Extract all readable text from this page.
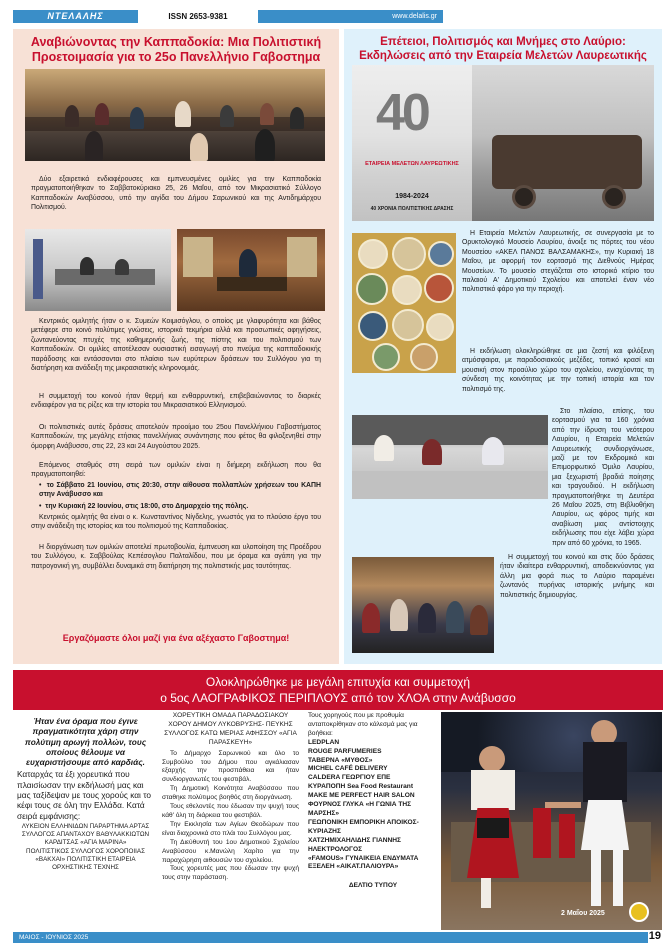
ΝΤΕΛΑΛΗΣ	ISSN 2653-9381	www.delalis.gr
Αναβιώνοντας την Καππαδοκία: Μια Πολιτιστική Προετοιμασία για το 25ο Πανελλήνιο Γαβοστημα
Δύο εξαιρετικά ενδιαφέρουσες και εμπνευσμένες ομιλίες για την Καππαδοκία πραγματοποιήθηκαν το Σαββατοκύριακο 25, 26 Μαΐου, από τον Μικρασιατικό Σύλλογο Καππαδοκών Αναβύσσου, υπό την αιγίδα του Δήμου Σαρωνικού και της Αντιδημάρχου Πολιτισμού.
Κεντρικός ομιλητής ήταν ο κ. Συμεών Κοιμισόγλου, ο οποίος με γλαφυρότητα και βάθος μετέφερε στο κοινό πολύτιμες γνώσεις, ιστορικά τεκμήρια αλλά και προσωπικές αφηγήσεις, ζωντανεύοντας πτυχές της καθημερινής ζωής, της πίστης και του πολιτισμού των Καππαδοκών. Οι ομιλίες αποτέλεσαν ουσιαστική εισαγωγή στο πνεύμα της καππαδοκικής παράδοσης και εντάσσονται στο πλαίσιο των ευρύτερων δράσεων του Συλλόγου για τη διατήρηση και ανάδειξη της μικρασιατικής κληρονομιάς.
Η συμμετοχή του κοινού ήταν θερμή και ενθαρρυντική, επιβεβαιώνοντας το διαρκές ενδιαφέρον για τις ρίζες και την ιστορία του Μικρασιατικού Ελληνισμού.
Οι πολιτιστικές αυτές δράσεις αποτελούν προοίμιο του 25ου Πανελλήνιου Γαβοστήματος Καππαδοκών, της μεγάλης ετήσιας πανελλήνιας συνάντησης που φέτος θα φιλοξενηθεί στην όμορφη Ανάβυσσο, στις 22, 23 και 24 Αυγούστου 2025.
Επόμενος σταθμός στη σειρά των ομιλιών είναι η διήμερη εκδήλωση που θα πραγματοποιηθεί:
•  το Σάββατο 21 Ιουνίου, στις 20:30, στην αίθουσα πολλαπλών χρήσεων του ΚΑΠΗ στην Ανάβυσσο και
•  την Κυριακή 22 Ιουνίου, στις 18:00, στο Δημαρχείο της πόλης.
Κεντρικός ομιλητής θα είναι ο κ. Κωνσταντίνος Νίγδελης, γνωστός για το πλούσιο έργο του στην ανάδειξη της ιστορίας και του πολιτισμού της Καππαδοκίας.
Η διοργάνωση των ομιλιών αποτελεί πρωτοβουλία, έμπνευση και υλοποίηση της Προέδρου του Συλλόγου, κ. Σαββούλας Κεπέσογλου Παλταλίδου, που με όραμα και αγάπη για την πατρογονική γη, συμβάλλει δυναμικά στη διατήρηση της πολιτιστικής μας ταυτότητας.
Εργαζόμαστε όλοι μαζί για ένα αξέχαστο Γαβοστημα!
Επέτειοι, Πολιτισμός και Μνήμες στο Λαύριο: Εκδηλώσεις από την Εταιρεία Μελετών Λαυρεωτικής
40
ΕΤΑΙΡΕΙΑ ΜΕΛΕΤΩΝ ΛΑΥΡΕΩΤΙΚΗΣ
1984-2024
40 ΧΡΟΝΙΑ ΠΟΛΙΤΙΣΤΙΚΗΣ ΔΡΑΣΗΣ
Η Εταιρεία Μελετών Λαυρεωτικής, σε συνεργασία με το Ορυκτολογικό Μουσείο Λαυρίου, άνοιξε τις πόρτες του νέου Μουσείου «ΑΚΕΛ ΠΑΝΟΣ ΒΑΛΣΑΜΑΚΗΣ», την Κυριακή 18 Μαΐου, με αφορμή τον εορτασμό της Διεθνούς Ημέρας Μουσείων. Το μουσείο στεγάζεται στο ιστορικό κτίριο του παλαιού Α' Δημοτικού Σχολείου και αποτελεί έναν νέο πολιτιστικό φάρο για την περιοχή.
Η εκδήλωση ολοκληρώθηκε σε μια ζεστή και φιλόξενη ατμόσφαιρα, με παραδοσιακούς μεζέδες, τοπικό κρασί και μουσική στον προαύλιο χώρο του σχολείου, ενισχύοντας τη σύνδεση της κοινότητας με την τοπική ιστορία και τον πολιτισμό της.
Στο πλαίσιο, επίσης, του εορτασμού για τα 160 χρόνια από την ίδρυση του νεότερου Λαυρίου, η Εταιρεία Μελετών Λαυρεωτικής συνδιοργάνωσε, μαζί με τον Εκδρομικό και Επιμορφωτικό Όμιλο Λαυρίου, μια ξεχωριστή βραδιά ποίησης και τραγουδιού. Η εκδήλωση πραγματοποιήθηκε τη Δευτέρα 26 Μαΐου 2025, στη Βιβλιοθήκη Λαυρίου, ως φόρος τιμής και αναβίωση μιας αντίστοιχης εκδήλωσης που είχε λάβει χώρα πριν από 60 χρόνια, το 1965.
Η συμμετοχή του κοινού και στις δύο δράσεις ήταν ιδιαίτερα ενθαρρυντική, αποδεικνύοντας για άλλη μια φορά πως το Λαύριο παραμένει ζωντανός πυρήνας ιστορικής μνήμης και πολιτιστικής δημιουργίας.
Ολοκληρώθηκε με μεγάλη επιτυχία και συμμετοχή
ο 5ος ΛΑΟΓΡΑΦΙΚΟΣ ΠΕΡΙΠΛΟΥΣ από τον ΧΛΟΑ στην Ανάβυσσο
Ήταν ένα όραμα που έγινε πραγματικότητα χάρη στην πολύτιμη αρωγή πολλών, τους οποίους θέλουμε να ευχαριστήσουμε από καρδιάς.
Καταρχάς τα έξι χορευτικά που πλαισίωσαν την εκδήλωσή μας και μας ταξίδεψαν με τους χορούς και το κέφι τους σε όλη την Ελλάδα. Κατά σειρά εμφάνισης:
ΛΥΚΕΙΟΝ ΕΛΛΗΝΙΔΩΝ ΠΑΡΑΡΤΗΜΑ ΑΡΤΑΣ
ΣΥΛΛΟΓΟΣ ΑΠΑΝΤΑΧΟΥ ΒΑΘΥΛΑΚΚΙΩΤΩΝ ΚΑΡΔΙΤΣΑΣ «ΑΓΙΑ ΜΑΡΙΝΑ»
ΠΟΛΙΤΙΣΤΙΚΟΣ ΣΥΛΛΟΓΟΣ ΧΟΡΟΠΟΙΙΑΣ «ΒΑΚΧΑΙ» ΠΟΛΙΤΙΣΤΙΚΗ ΕΤΑΙΡΕΙΑ ΟΡΧΗΣΤΙΚΗΣ ΤΕΧΝΗΣ
ΧΟΡΕΥΤΙΚΗ ΟΜΑΔΑ ΠΑΡΑΔΟΣΙΑΚΟΥ ΧΟΡΟΥ ΔΗΜΟΥ ΛΥΚΟΒΡΥΣΗΣ- ΠΕΥΚΗΣ
ΣΥΛΛΟΓΟΣ ΚΑΤΩ ΜΕΡΙΑΣ ΑΦΗΣΣΟΥ «ΑΓΙΑ ΠΑΡΑΣΚΕΥΗ»
Το Δήμαρχο Σαρωνικού και όλο το Συμβούλιο του Δήμου που αγκάλιασαν εξαρχής την προσπάθεια και ήταν συνδιοργανωτές του φεστιβάλ.
Τη Δημοτική Κοινότητα Αναβύσσου που σταθηκε πολύτιμος βοηθός στη διοργάνωση.
Τους εθελοντές που έδωσαν την ψυχή τους κάθ' όλη τη διάρκεια του φεστιβάλ.
Την Εκκλησία των Αγίων Θεοδώρων που είναι διαχρονικά στο πλάι του Συλλόγου μας.
Τη Διεύθυντή του 1ου Δημοτικού Σχολείου Αναβύσσου κ.Μανώλη Χαρίτο για την παραχώρηση αιθουσών του σχολείου.
Τους χορευτές μας που έδωσαν την ψυχή τους στην παράσταση.
Τους χορηγούς που με προθυμία ανταποκρίθηκαν στο κάλεσμά μας για βοήθεια:
LEDPLAN
ROUGE PARFUMERIES
ΤΑΒΕΡΝΑ «ΜΥΘΟΣ»
MICHEL CAFÉ DELIVERY
CALDERA ΓΕΩΡΓΙΟΥ ΕΠΕ
ΚΥΡΑΠΟΠΗ Sea Food Restaurant
MAKE ME PERFECT HAIR SALON
ΦΟΥΡΝΟΣ ΓΛΥΚΑ «Η ΓΩΝΙΑ ΤΗΣ ΜΑΡΣΗΣ»
ΓΕΩΠΟΝΙΚΗ ΕΜΠΟΡΙΚΗ ΑΠΟΙΚΟΣ- ΚΥΡΙΑΖΗΣ
ΧΑΤΖΗΜΙΧΑΗΛΙΔΗΣ ΓΙΑΝΝΗΣ ΗΛΕΚΤΡΟΛΟΓΟΣ
«FAMOUS» ΓΥΝΑΙΚΕΙΑ ΕΝΔΥΜΑΤΑ
ΕΞΕΛΕΗ «ΑΙΚΑΤ.ΠΑΛΙΟΥΡΑ»
ΔΕΛΤΙΟ ΤΥΠΟΥ
2 Μαΐου 2025
ΜΑΙΟΣ - ΙΟΥΝΙΟΣ 2025	19
